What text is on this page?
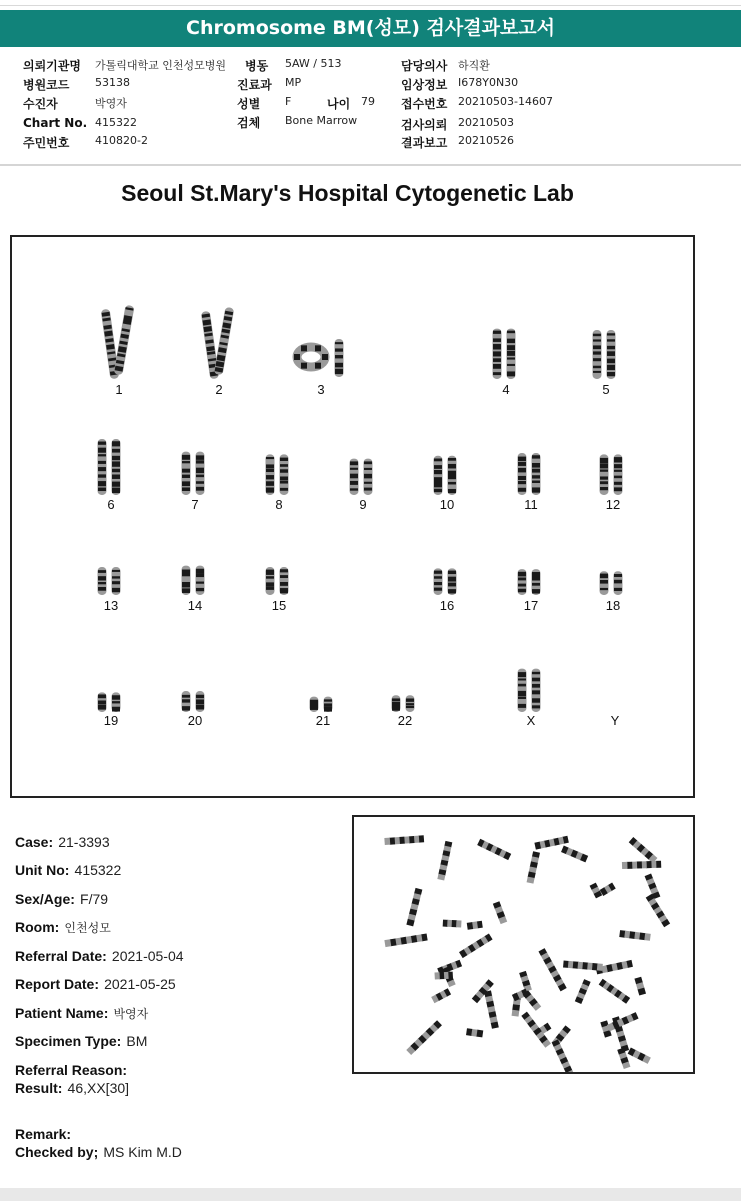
Chromosome BM(성모) 검사결과보고서
의뢰기관명 가톨릭대학교 인천성모병원
병원코드 53138
수진자	박영자
Chart No. 415322
주민번호 410820-2
병동 5AW / 513
진료과 MP
성별 F	나이 79
검체 Bone Marrow
담당의사 하직환
임상정보 I678Y0N30
접수번호 20210503-14607
검사의뢰 20210503
결과보고 20210526
Seoul St.Mary's Hospital Cytogenetic Lab
1	2	3	4	5
6	7	8	9	10	11	12
13	14	15	16	17	18
19	20	21	22	X	Y
Case: 21-3393
Unit No: 415322
Sex/Age: F/79
Room: 인천성모
Referral Date: 2021-05-04
Report Date: 2021-05-25
Patient Name: 박영자
Specimen Type: BM
Referral Reason:
Result: 46,XX[30]
Remark:
Checked by; MS Kim M.D
